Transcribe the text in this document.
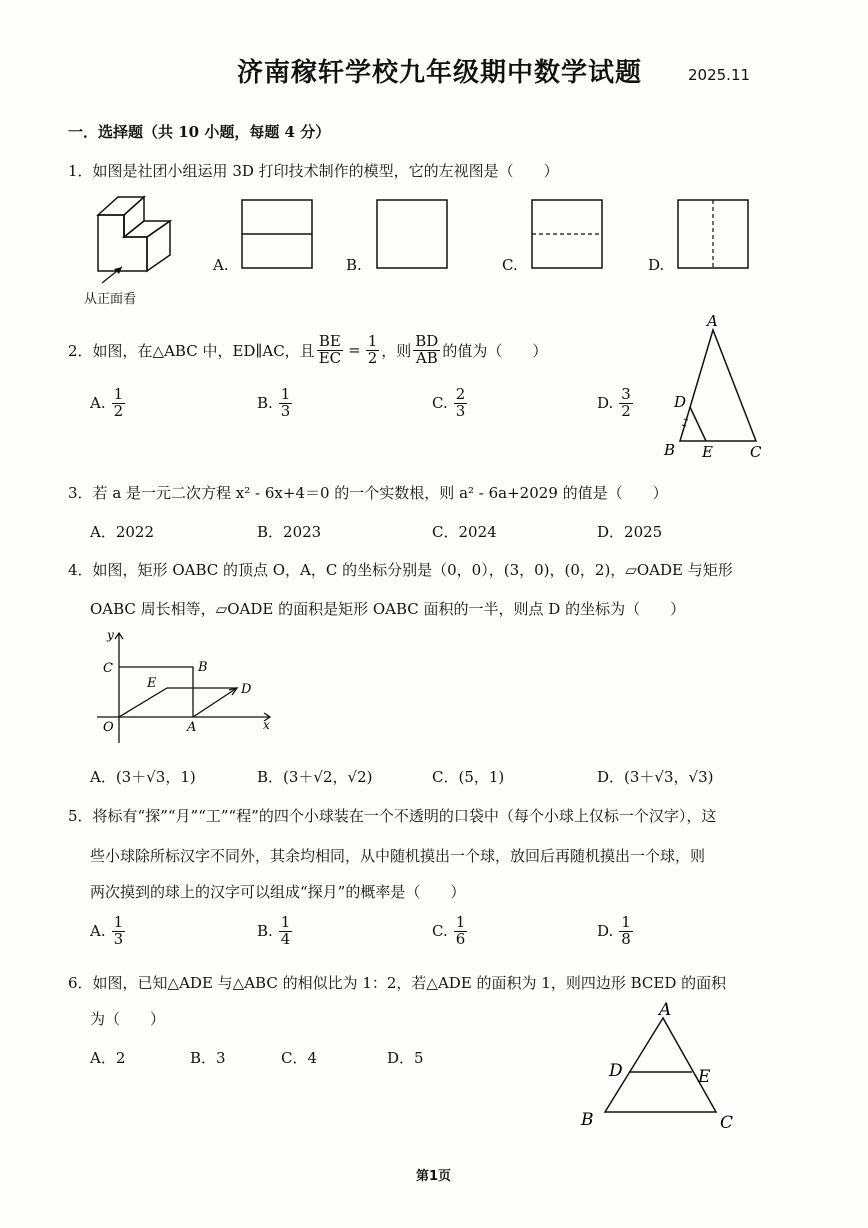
济南稼轩学校九年级期中数学试题	2025.11
一．选择题（共 10 小题，每题 4 分）
1．如图是社团小组运用 3D 打印技术制作的模型，它的左视图是（　　）
从正面看
A.	B.	C.	D.
2． 如图，在△ABC 中，ED∥AC，且 $\frac{BE}{EC} = \frac{1}{2}$ ，则 $\frac{BD}{AB}$ 的值为（　　）
A. $\frac{1}{2}$	B. $\frac{1}{3}$	C. $\frac{2}{3}$	D. $\frac{3}{2}$
A
B	C
D
E
3．若 a 是一元二次方程 x² - 6x+4＝0 的一个实数根，则 a² - 6a+2029 的值是（　　）
A．2022	B．2023	C．2024	D．2025
4．如图，矩形 OABC 的顶点 O，A，C 的坐标分别是（0，0），(3，0)，(0，2)，▱OADE 与矩形
OABC 周长相等，▱OADE 的面积是矩形 OABC 面积的一半，则点 D 的坐标为（　　）
y
x
O	A
B
C
D
E
A．(3＋√3，1)	B．(3＋√2，√2)	C．(5，1)	D．(3＋√3，√3)
5．将标有“探”“月”“工”“程”的四个小球装在一个不透明的口袋中（每个小球上仅标一个汉字），这
些小球除所标汉字不同外，其余均相同，从中随机摸出一个球，放回后再随机摸出一个球，则
两次摸到的球上的汉字可以组成“探月”的概率是（　　）
A. $\frac{1}{3}$	B. $\frac{1}{4}$	C. $\frac{1}{6}$	D. $\frac{1}{8}$
6．如图，已知△ADE 与△ABC 的相似比为 1：2，若△ADE 的面积为 1，则四边形 BCED 的面积
为（　　）
A．2	B．3	C．4	D．5
A
B	C
D	E
第1页
